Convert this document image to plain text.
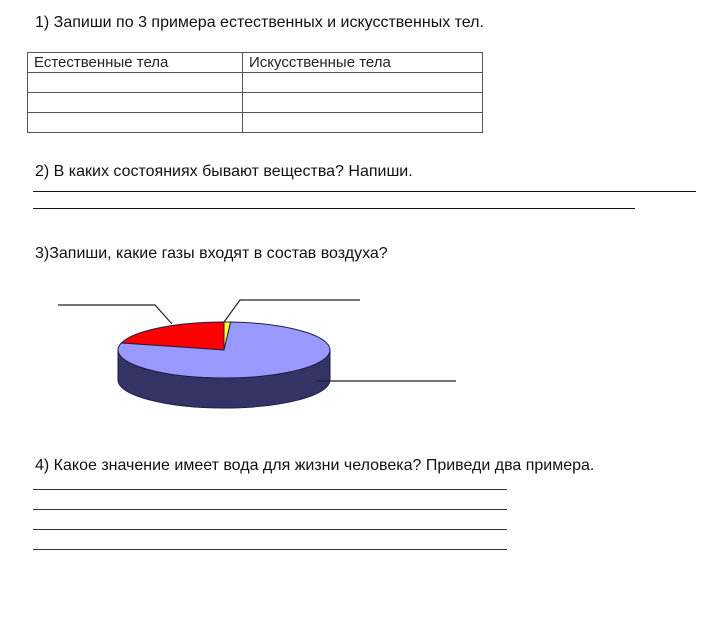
1) Запиши по 3 примера естественных и искусственных тел.
Естественные тела	Искусственные тела

2) В каких состояниях бывают вещества? Напиши.
3)Запиши, какие газы входят в состав воздуха?
4) Какое значение имеет вода для жизни человека? Приведи два примера.
